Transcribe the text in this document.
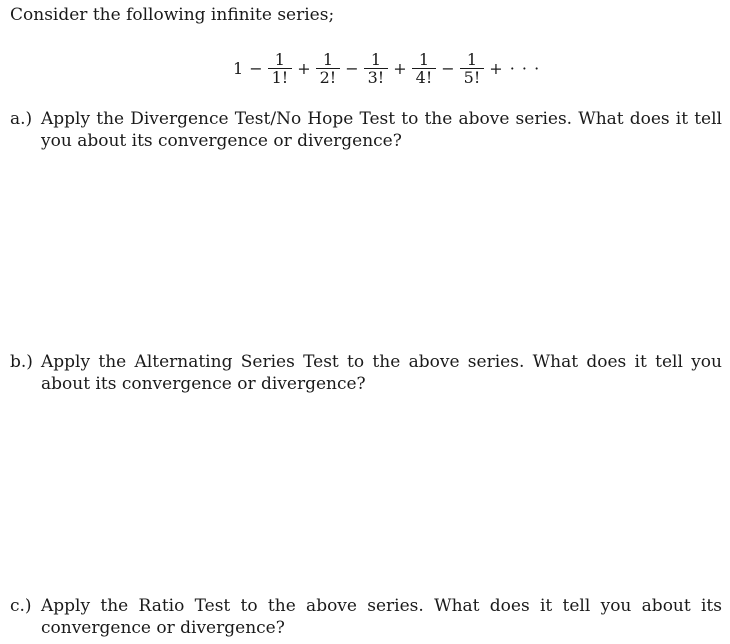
Consider the following infinite series;
$1 - \frac{1}{1!} + \frac{1}{2!} - \frac{1}{3!} + \frac{1}{4!} - \frac{1}{5!}$ + · · ·
a.) Apply the Divergence Test/No Hope Test to the above series. What does it tell you about its convergence or divergence?
b.) Apply the Alternating Series Test to the above series. What does it tell you about its convergence or divergence?
c.) Apply the Ratio Test to the above series. What does it tell you about its convergence or divergence?
